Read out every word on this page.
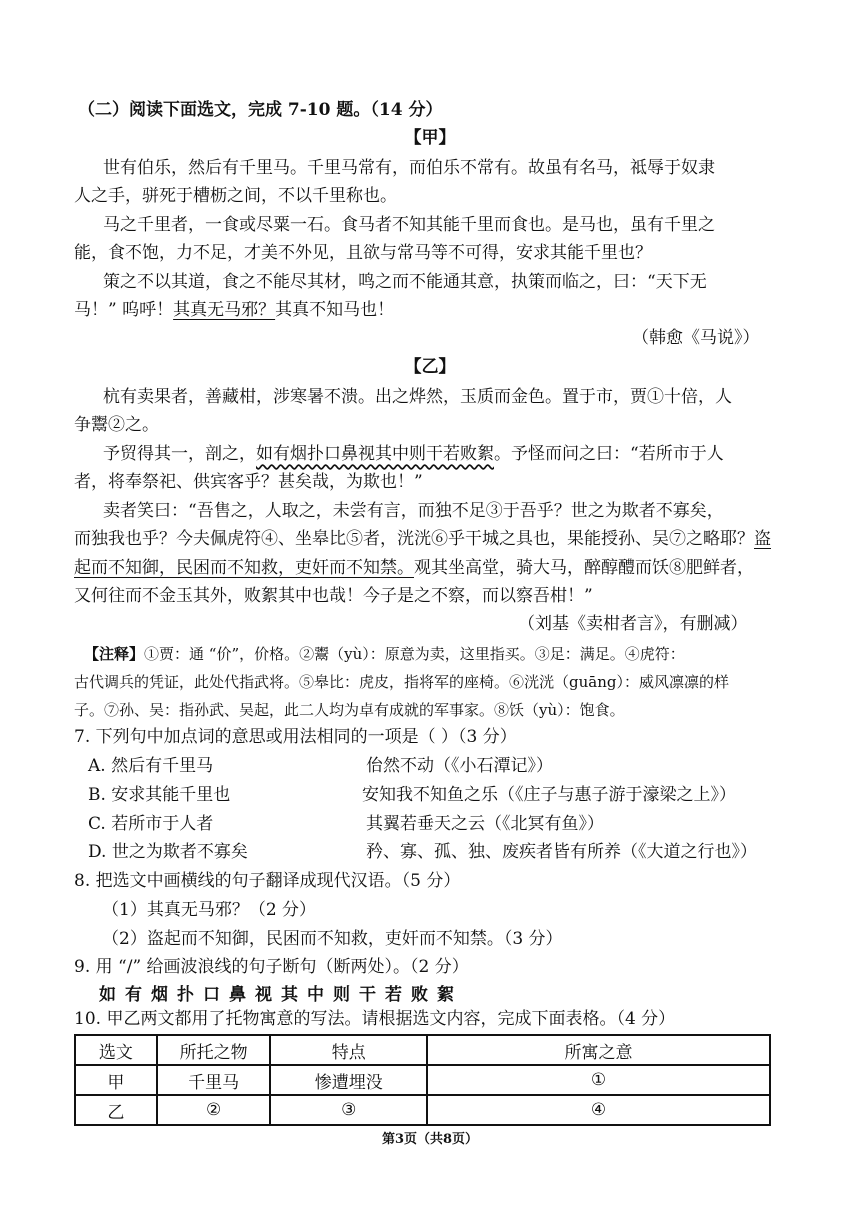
（二）阅读下面选文，完成 7-10 题。（14 分）
【甲】
世有伯乐，然后有千里马。千里马常有，而伯乐不常有。故虽有名马，祗辱于奴隶
人之手，骈死于槽枥之间，不以千里称也。
马之千里者，一食或尽粟一石。食马者不知其能千里而食也。是马也，虽有千里之
能，食不饱，力不足，才美不外见，且欲与常马等不可得，安求其能千里也？
策之不以其道，食之不能尽其材，鸣之而不能通其意，执策而临之，曰：“天下无
马！” 呜呼！其真无马邪？其真不知马也！
（韩愈《马说》）
【乙】
杭有卖果者，善藏柑，涉寒暑不溃。出之烨然，玉质而金色。置于市，贾①十倍，人
争鬻②之。
予贸得其一，剖之，如有烟扑口鼻视其中则干若败絮。予怪而问之曰：“若所市于人
者，将奉祭祀、供宾客乎？甚矣哉，为欺也！”
卖者笑曰：“吾售之，人取之，未尝有言，而独不足③于吾乎？世之为欺者不寡矣，
而独我也乎？今夫佩虎符④、坐皋比⑤者，洸洸⑥乎干城之具也，果能授孙、吴⑦之略耶？盗
起而不知御，民困而不知救，吏奸而不知禁。观其坐高堂，骑大马，醉醇醴而饫⑧肥鲜者，
又何往而不金玉其外，败絮其中也哉！今子是之不察，而以察吾柑！”
（刘基《卖柑者言》，有删减）
【注释】①贾：通 “价”，价格。②鬻（yù）：原意为卖，这里指买。③足：满足。④虎符：
古代调兵的凭证，此处代指武将。⑤皋比：虎皮，指将军的座椅。⑥洸洸（guāng）：威风凛凛的样
子。⑦孙、吴：指孙武、吴起，此二人均为卓有成就的军事家。⑧饫（yù）：饱食。
7. 下列句中加点词的意思或用法相同的一项是（ ）（3 分）
A. 然后有千里马	佁然不动（《小石潭记》）
B. 安求其能千里也	安知我不知鱼之乐（《庄子与惠子游于濠梁之上》）
C. 若所市于人者	其翼若垂天之云（《北冥有鱼》）
D. 世之为欺者不寡矣	矜、寡、孤、独、废疾者皆有所养（《大道之行也》）
8. 把选文中画横线的句子翻译成现代汉语。（5 分）
（1）其真无马邪？（2 分）
（2）盗起而不知御，民困而不知救，吏奸而不知禁。（3 分）
9. 用 “/” 给画波浪线的句子断句（断两处）。（2 分）
如有烟扑口鼻视其中则干若败絮
10. 甲乙两文都用了托物寓意的写法。请根据选文内容，完成下面表格。（4 分）
选文	所托之物	特点	所寓之意
甲	千里马	惨遭埋没	①
乙	②	③	④
第3页（共8页）
